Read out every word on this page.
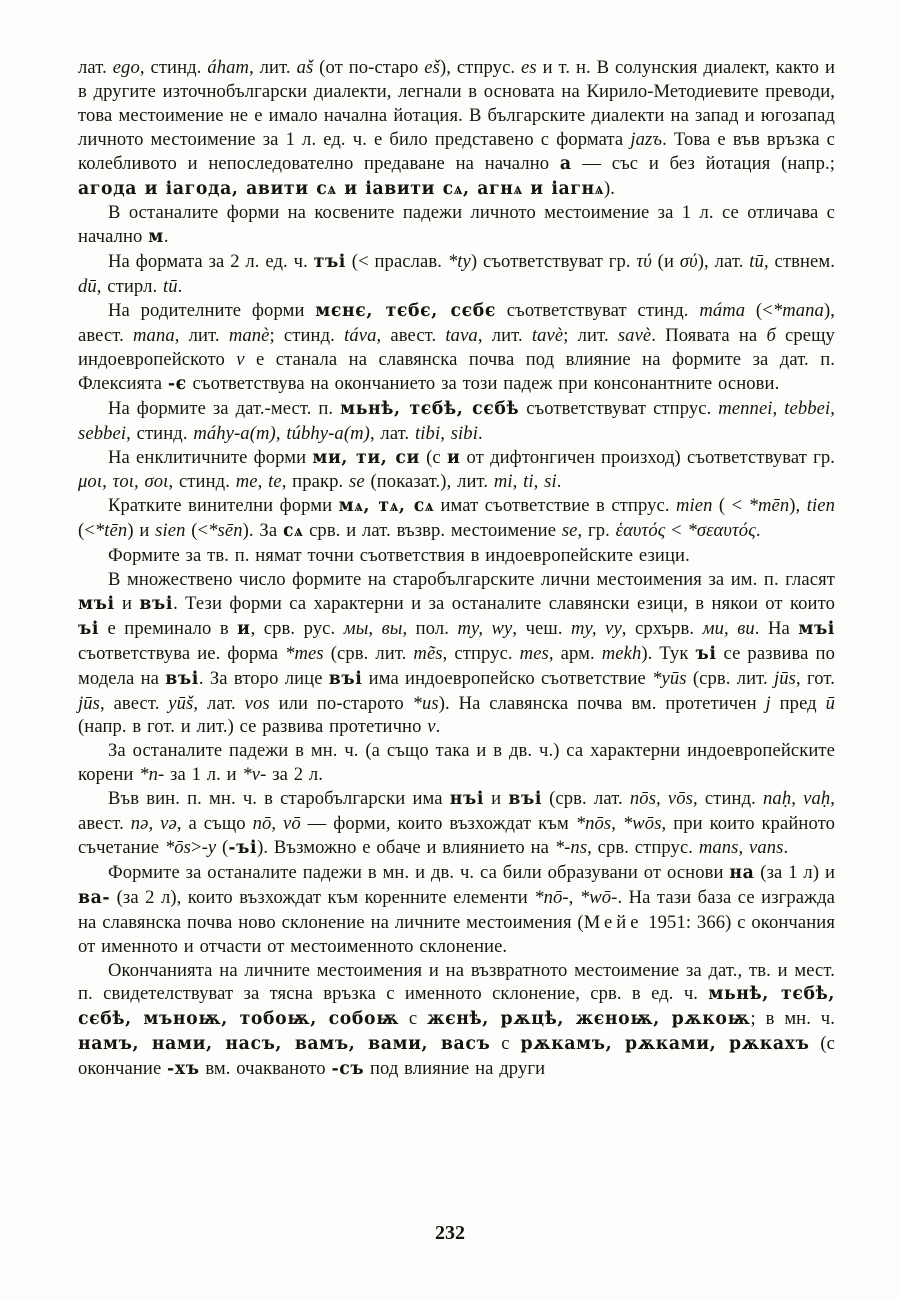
лат. ego, стинд. áham, лит. aš (от по-старо eš), стпрус. es и т. н. В солунския диалект, както и в другите източнобългарски диалекти, легнали в основата на Кирило-Методиевите преводи, това местоимение не е имало начална йотация. В българските диалекти на запад и югозапад личното местоимение за 1 л. ед. ч. е било представено с формата jazъ. Това е във връзка с колебливото и непоследователно предаване на начално а — със и без йотация (напр.; агода и іагода, авити сѧ и іавити сѧ, агнѧ и іагнѧ).

В останалите форми на косвените падежи личното местоимение за 1 л. се отличава с начално м.

На формата за 2 л. ед. ч. тъі (< праслав. *ty) съответствуват гр. τύ (и σύ), лат. tū, ствнем. dū, стирл. tū.

На родителните форми мєнє, тєбє, сєбє съответствуват стинд. máma (<*mana), авест. mana, лит. manè; стинд. táva, авест. tava, лит. tavè; лит. savè. Появата на б срещу индоевропейското v е станала на славянска почва под влияние на формите за дат. п. Флексията -є съответствува на окончанието за този падеж при консонантните основи.

На формите за дат.-мест. п. мьнѣ, тєбѣ, сєбѣ съответствуват стпрус. mennei, tebbei, sebbei, стинд. máhy-a(m), túbhy-a(m), лат. tibi, sibi.

На енклитичните форми ми, ти, си (с и от дифтонгичен произход) съответствуват гр. μοι, τοι, σοι, стинд. me, te, пракр. se (показат.), лит. mi, ti, si.

Кратките винителни форми мѧ, тѧ, сѧ имат съответствие в стпрус. mien ( < *mēn), tien (<*tēn) и sien (<*sēn). За сѧ срв. и лат. възвр. местоимение se, гр. ἑαυτός < *σεαυτός.

Формите за тв. п. нямат точни съответствия в индоевропейските езици.

В множествено число формите на старобългарските лични местоимения за им. п. гласят мъі и въі. Тези форми са характерни и за останалите славянски езици, в някои от които ъі е преминало в и, срв. рус. мы, вы, пол. my, wy, чеш. my, vy, срхърв. ми, ви. На мъі съответствува ие. форма *mes (срв. лит. mẽs, стпрус. mes, арм. mekh). Тук ъі се развива по модела на въі. За второ лице въі има индоевропейско съответствие *yūs (срв. лит. jūs, гот. jūs, авест. yūš, лат. vos или по-старото *us). На славянска почва вм. протетичен j пред ū (напр. в гот. и лит.) се развива протетично v.

За останалите падежи в мн. ч. (а също така и в дв. ч.) са характерни индоевропейските корени *n- за 1 л. и *v- за 2 л.

Във вин. п. мн. ч. в старобългарски има нъі и въі (срв. лат. nōs, vōs, стинд. naḥ, vaḥ, авест. nə, və, а също nō, vō — форми, които възхождат към *nōs, *wōs, при които крайното съчетание *ōs>-y (-ъі). Възможно е обаче и влиянието на *-ns, срв. стпрус. mans, vans.

Формите за останалите падежи в мн. и дв. ч. са били образувани от основи на (за 1 л) и ва- (за 2 л), които възхождат към коренните елементи *nō-, *wō-. На тази база се изгражда на славянска почва ново склонение на личните местоимения (Мейе 1951: 366) с окончания от именното и отчасти от местоименното склонение.

Окончанията на личните местоимения и на възвратното местоимение за дат., тв. и мест. п. свидетелствуват за тясна връзка с именното склонение, срв. в ед. ч. мьнѣ, тєбѣ, сєбѣ, мъноѭ, тобоѭ, собоѭ с жєнѣ, рѫцѣ, жєноѭ, рѫкоѭ; в мн. ч. намъ, нами, насъ, вамъ, вами, васъ с рѫкамъ, рѫками, рѫкахъ (с окончание -хъ вм. очакваното -съ под влияние на други

232
